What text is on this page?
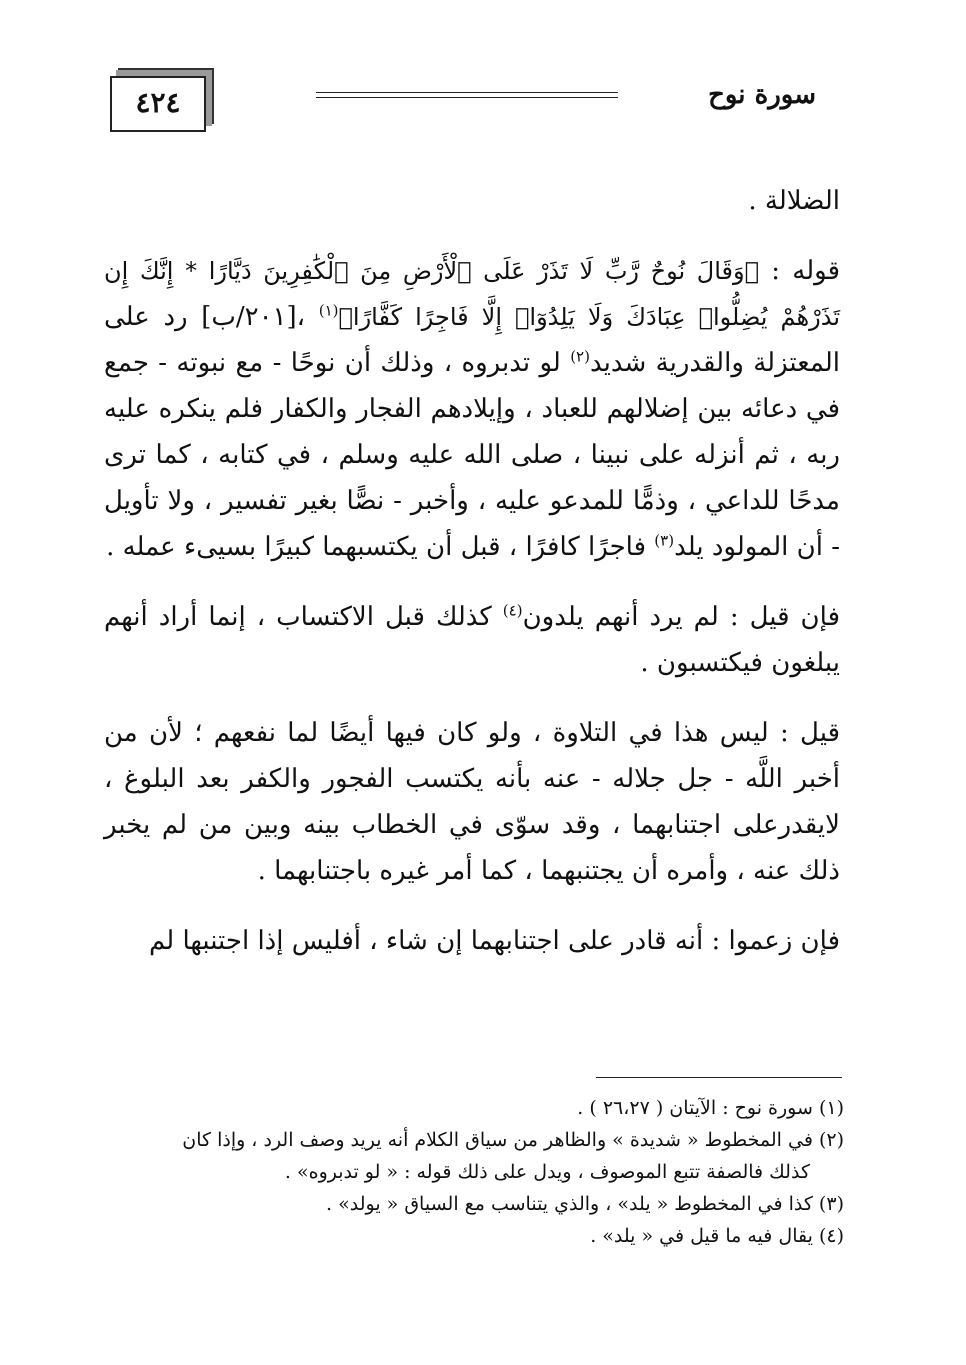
٤٢٤	سورة نوح

الضلالة .

قوله : ﴿وَقَالَ نُوحٌ رَّبِّ لَا تَذَرْ عَلَى ٱلْأَرْضِ مِنَ ٱلْكَٰفِرِينَ دَيَّارًا * إِنَّكَ إِن تَذَرْهُمْ يُضِلُّوا۟ عِبَادَكَ وَلَا يَلِدُوٓا۟ إِلَّا فَاجِرًا كَفَّارًا﴾$^{(١)}$ ،[٢٠١/ب] رد على المعتزلة والقدرية شديد$^{(٢)}$ لو تدبروه ، وذلك أن نوحًا - مع نبوته - جمع في دعائه بين إضلالهم للعباد ، وإيلادهم الفجار والكفار فلم ينكره عليه ربه ، ثم أنزله على نبينا ، صلى الله عليه وسلم ، في كتابه ، كما ترى مدحًا للداعي ، وذمًّا للمدعو عليه ، وأخبر - نصًّا بغير تفسير ، ولا تأويل - أن المولود يلد$^{(٣)}$ فاجرًا كافرًا ، قبل أن يكتسبهما كبيرًا بسيىء عمله .

فإن قيل : لم يرد أنهم يلدون$^{(٤)}$ كذلك قبل الاكتساب ، إنما أراد أنهم يبلغون فيكتسبون .

قيل : ليس هذا في التلاوة ، ولو كان فيها أيضًا لما نفعهم ؛ لأن من أخبر اللَّه - جل جلاله - عنه بأنه يكتسب الفجور والكفر بعد البلوغ ، لايقدرعلى اجتنابهما ، وقد سوّى في الخطاب بينه وبين من لم يخبر ذلك عنه ، وأمره أن يجتنبهما ، كما أمر غيره باجتنابهما .

فإن زعموا : أنه قادر على اجتنابهما إن شاء ، أفليس إذا اجتنبها لم

(١) سورة نوح : الآيتان ( ٢٦،٢٧ ) .

(٢) في المخطوط « شديدة » والظاهر من سياق الكلام أنه يريد وصف الرد ، وإذا كان

كذلك فالصفة تتبع الموصوف ، ويدل على ذلك قوله : « لو تدبروه» .

(٣) كذا في المخطوط « يلد» ، والذي يتناسب مع السياق « يولد» .

(٤) يقال فيه ما قيل في « يلد» .
